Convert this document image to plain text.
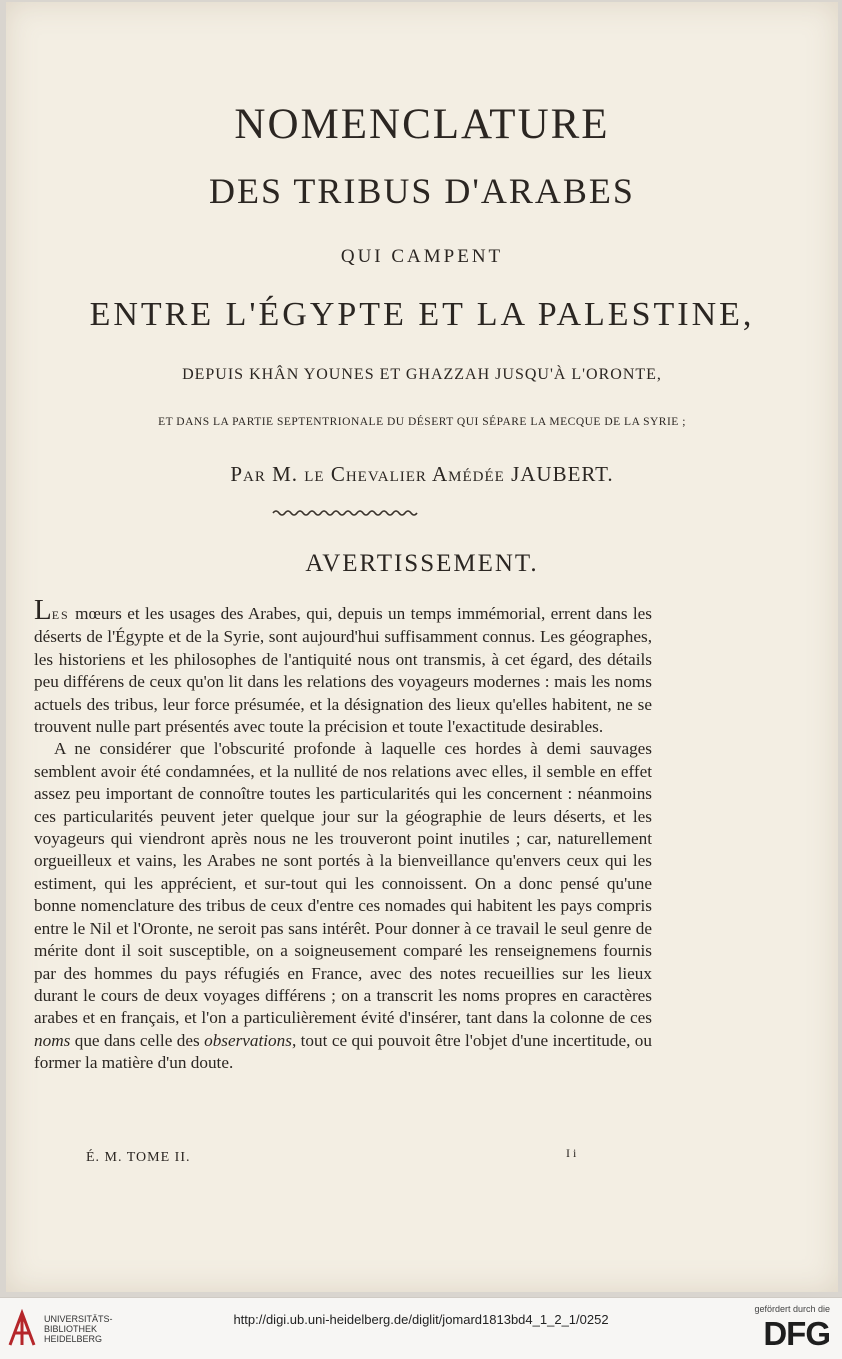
NOMENCLATURE
DES TRIBUS D'ARABES
QUI CAMPENT
ENTRE L'ÉGYPTE ET LA PALESTINE,
DEPUIS KHÂN YOUNES ET GHAZZAH JUSQU'À L'ORONTE,
ET DANS LA PARTIE SEPTENTRIONALE DU DÉSERT QUI SÉPARE LA MECQUE DE LA SYRIE ;
Par M. le Chevalier Amédée JAUBERT.
AVERTISSEMENT.

LES mœurs et les usages des Arabes, qui, depuis un temps immémorial, errent dans les déserts de l'Égypte et de la Syrie, sont aujourd'hui suffisamment connus. Les géographes, les historiens et les philosophes de l'antiquité nous ont transmis, à cet égard, des détails peu différens de ceux qu'on lit dans les relations des voyageurs modernes : mais les noms actuels des tribus, leur force présumée, et la désignation des lieux qu'elles habitent, ne se trouvent nulle part présentés avec toute la précision et toute l'exactitude desirables.

A ne considérer que l'obscurité profonde à laquelle ces hordes à demi sauvages semblent avoir été condamnées, et la nullité de nos relations avec elles, il semble en effet assez peu important de connoître toutes les particularités qui les concernent : néanmoins ces particularités peuvent jeter quelque jour sur la géographie de leurs déserts, et les voyageurs qui viendront après nous ne les trouveront point inutiles ; car, naturellement orgueilleux et vains, les Arabes ne sont portés à la bienveillance qu'envers ceux qui les estiment, qui les apprécient, et sur-tout qui les connoissent. On a donc pensé qu'une bonne nomenclature des tribus de ceux d'entre ces nomades qui habitent les pays compris entre le Nil et l'Oronte, ne seroit pas sans intérêt. Pour donner à ce travail le seul genre de mérite dont il soit susceptible, on a soigneusement comparé les renseignemens fournis par des hommes du pays réfugiés en France, avec des notes recueillies sur les lieux durant le cours de deux voyages différens ; on a transcrit les noms propres en caractères arabes et en français, et l'on a particulièrement évité d'insérer, tant dans la colonne de ces noms que dans celle des observations, tout ce qui pouvoit être l'objet d'une incertitude, ou former la matière d'un doute.

É. M. TOME II.	I i
UNIVERSITÄTS-
BIBLIOTHEK
HEIDELBERG
http://digi.ub.uni-heidelberg.de/diglit/jomard1813bd4_1_2_1/0252
gefördert durch die
DFG
